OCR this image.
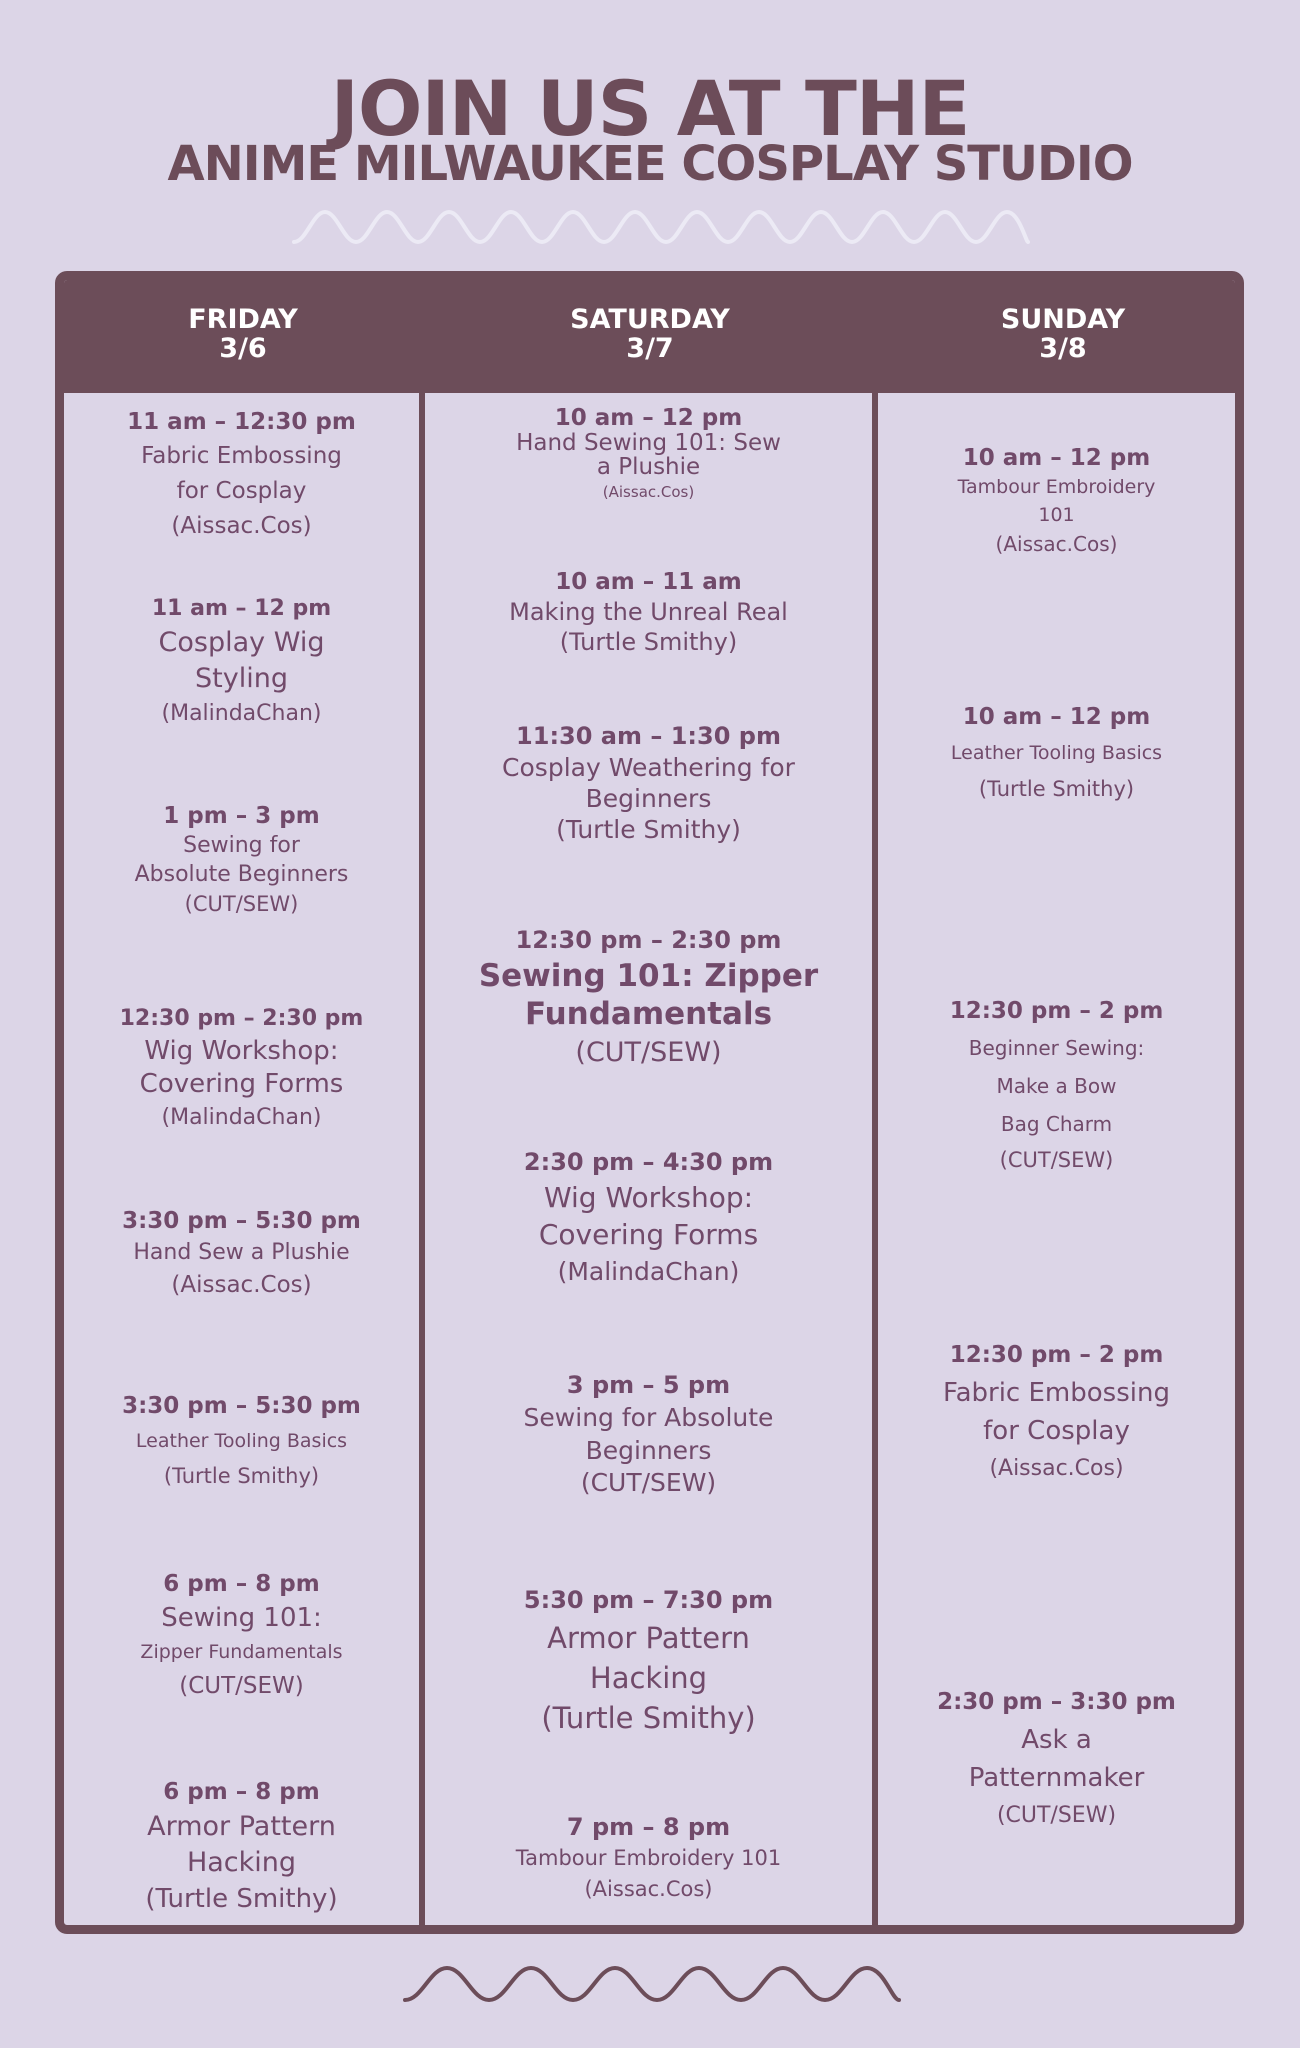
JOIN US AT THE
ANIME MILWAUKEE COSPLAY STUDIO
FRIDAY
3/6
SATURDAY
3/7
SUNDAY
3/8
11 am – 12:30 pm
Fabric Embossing
for Cosplay
(Aissac.Cos)
11 am – 12 pm
Cosplay Wig
Styling
(MalindaChan)
1 pm – 3 pm
Sewing for
Absolute Beginners
(CUT/SEW)
12:30 pm – 2:30 pm
Wig Workshop:
Covering Forms
(MalindaChan)
3:30 pm – 5:30 pm
Hand Sew a Plushie
(Aissac.Cos)
3:30 pm – 5:30 pm
Leather Tooling Basics
(Turtle Smithy)
6 pm – 8 pm
Sewing 101:
Zipper Fundamentals
(CUT/SEW)
6 pm – 8 pm
Armor Pattern
Hacking
(Turtle Smithy)
10 am – 12 pm
Hand Sewing 101: Sew
a Plushie
(Aissac.Cos)
10 am – 11 am
Making the Unreal Real
(Turtle Smithy)
11:30 am – 1:30 pm
Cosplay Weathering for
Beginners
(Turtle Smithy)
12:30 pm – 2:30 pm
Sewing 101: Zipper
Fundamentals
(CUT/SEW)
2:30 pm – 4:30 pm
Wig Workshop:
Covering Forms
(MalindaChan)
3 pm – 5 pm
Sewing for Absolute
Beginners
(CUT/SEW)
5:30 pm – 7:30 pm
Armor Pattern
Hacking
(Turtle Smithy)
7 pm – 8 pm
Tambour Embroidery 101
(Aissac.Cos)
10 am – 12 pm
Tambour Embroidery
101
(Aissac.Cos)
10 am – 12 pm
Leather Tooling Basics
(Turtle Smithy)
12:30 pm – 2 pm
Beginner Sewing:
Make a Bow
Bag Charm
(CUT/SEW)
12:30 pm – 2 pm
Fabric Embossing
for Cosplay
(Aissac.Cos)
2:30 pm – 3:30 pm
Ask a
Patternmaker
(CUT/SEW)
